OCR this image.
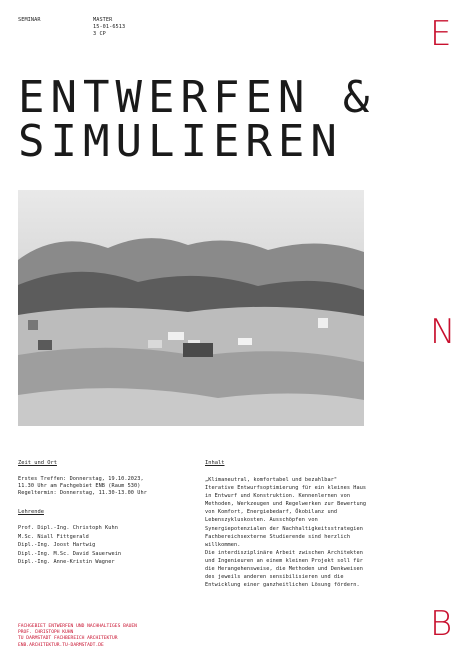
SEMINAR	MASTER
15-01-6513
3 CP	E
N
B
ENTWERFEN &
SIMULIEREN
Zeit und Ort
Erstes Treffen: Donnerstag, 19.10.2023,
11.30 Uhr am Fachgebiet ENB (Raum 530)
Regeltermin: Donnerstag, 11.30-13.00 Uhr
Lehrende
Prof. Dipl.-Ing. Christoph Kuhn
M.Sc. Niall Fittgerald
Dipl.-Ing. Joost Hartwig
Dipl.-Ing. M.Sc. David Sauerwein
Dipl.-Ing. Anne-Kristin Wagner
Inhalt
„Klimaneutral, komfortabel und bezahlbar"
Iterative Entwurfsoptimierung für ein kleines Haus
in Entwurf und Konstruktion. Kennenlernen von
Methoden, Werkzeugen und Regelwerken zur Bewertung
von Komfort, Energiebedarf, Ökobilanz und
Lebenszykluskosten. Ausschöpfen von
Synergiepotenzialen der Nachhaltigkeitsstrategien
Fachbereichsexterne Studierende sind herzlich
willkommen.
Die interdisziplinäre Arbeit zwischen Architekten
und Ingenieuren an einem kleinen Projekt soll für
die Herangehensweise, die Methoden und Denkweisen
des jeweils anderen sensibilisieren und die
Entwicklung einer ganzheitlichen Lösung fördern.
FACHGEBIET ENTWERFEN UND NACHHALTIGES BAUEN
PROF. CHRISTOPH KUHN
TU DARMSTADT FACHBEREICH ARCHITEKTUR
ENB.ARCHITEKTUR.TU-DARMSTADT.DE
